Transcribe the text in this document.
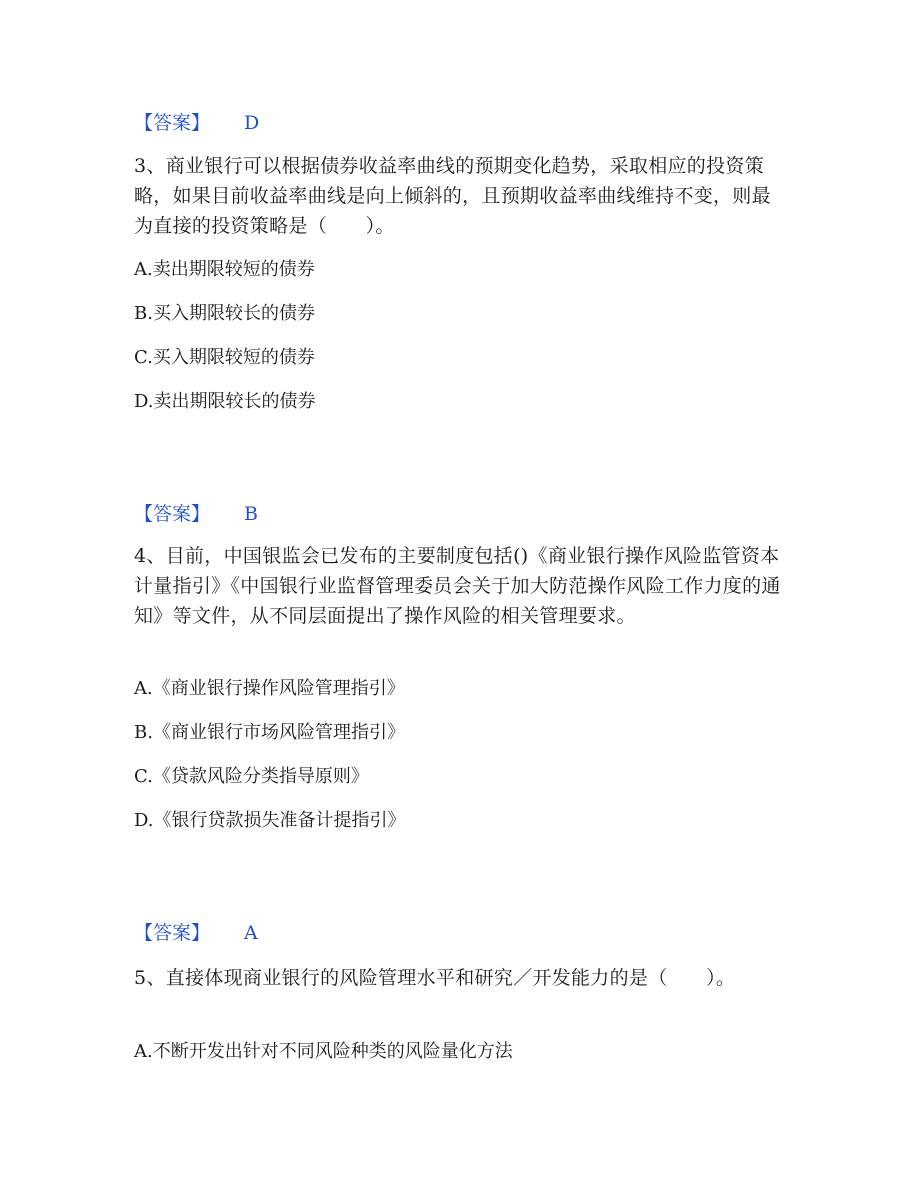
【答案】 D
3、商业银行可以根据债券收益率曲线的预期变化趋势，采取相应的投资策略，如果目前收益率曲线是向上倾斜的，且预期收益率曲线维持不变，则最为直接的投资策略是（　　）。
A.卖出期限较短的债券
B.买入期限较长的债券
C.买入期限较短的债券
D.卖出期限较长的债券
【答案】 B
4、目前，中国银监会已发布的主要制度包括()《商业银行操作风险监管资本计量指引》《中国银行业监督管理委员会关于加大防范操作风险工作力度的通知》等文件，从不同层面提出了操作风险的相关管理要求。
A.《商业银行操作风险管理指引》
B.《商业银行市场风险管理指引》
C.《贷款风险分类指导原则》
D.《银行贷款损失准备计提指引》
【答案】 A
5、直接体现商业银行的风险管理水平和研究／开发能力的是（　　）。
A.不断开发出针对不同风险种类的风险量化方法
